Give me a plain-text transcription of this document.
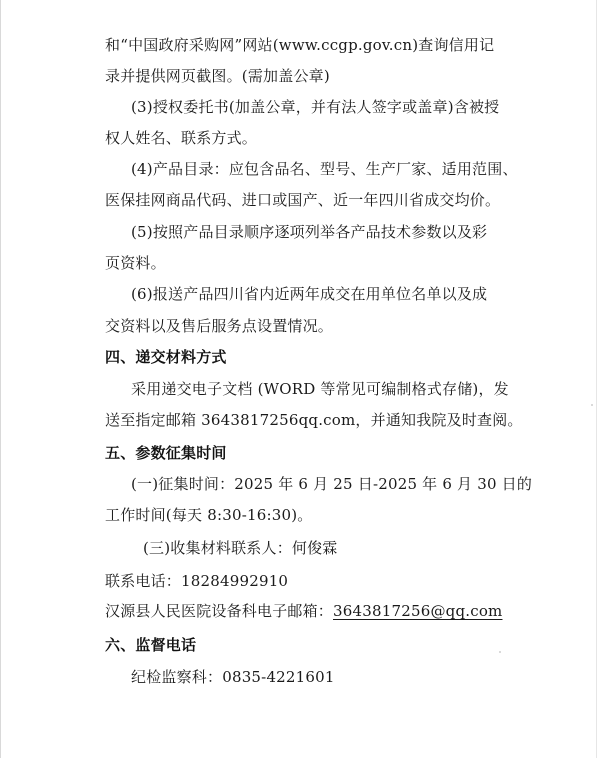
和“中国政府采购网”网站(www.ccgp.gov.cn)查询信用记
录并提供网页截图。(需加盖公章)
(3)授权委托书(加盖公章，并有法人签字或盖章)含被授
权人姓名、联系方式。
(4)产品目录：应包含品名、型号、生产厂家、适用范围、
医保挂网商品代码、进口或国产、近一年四川省成交均价。
(5)按照产品目录顺序逐项列举各产品技术参数以及彩
页资料。
(6)报送产品四川省内近两年成交在用单位名单以及成
交资料以及售后服务点设置情况。
四、递交材料方式
采用递交电子文档 (WORD 等常见可编制格式存储)，发
送至指定邮箱 3643817256qq.com，并通知我院及时查阅。
五、参数征集时间
(一)征集时间：2025 年 6 月 25 日-2025 年 6 月 30 日的
工作时间(每天 8:30-16:30)。
(三)收集材料联系人：何俊霖
联系电话：18284992910
汉源县人民医院设备科电子邮箱：3643817256@qq.com
六、监督电话
纪检监察科：0835-4221601
